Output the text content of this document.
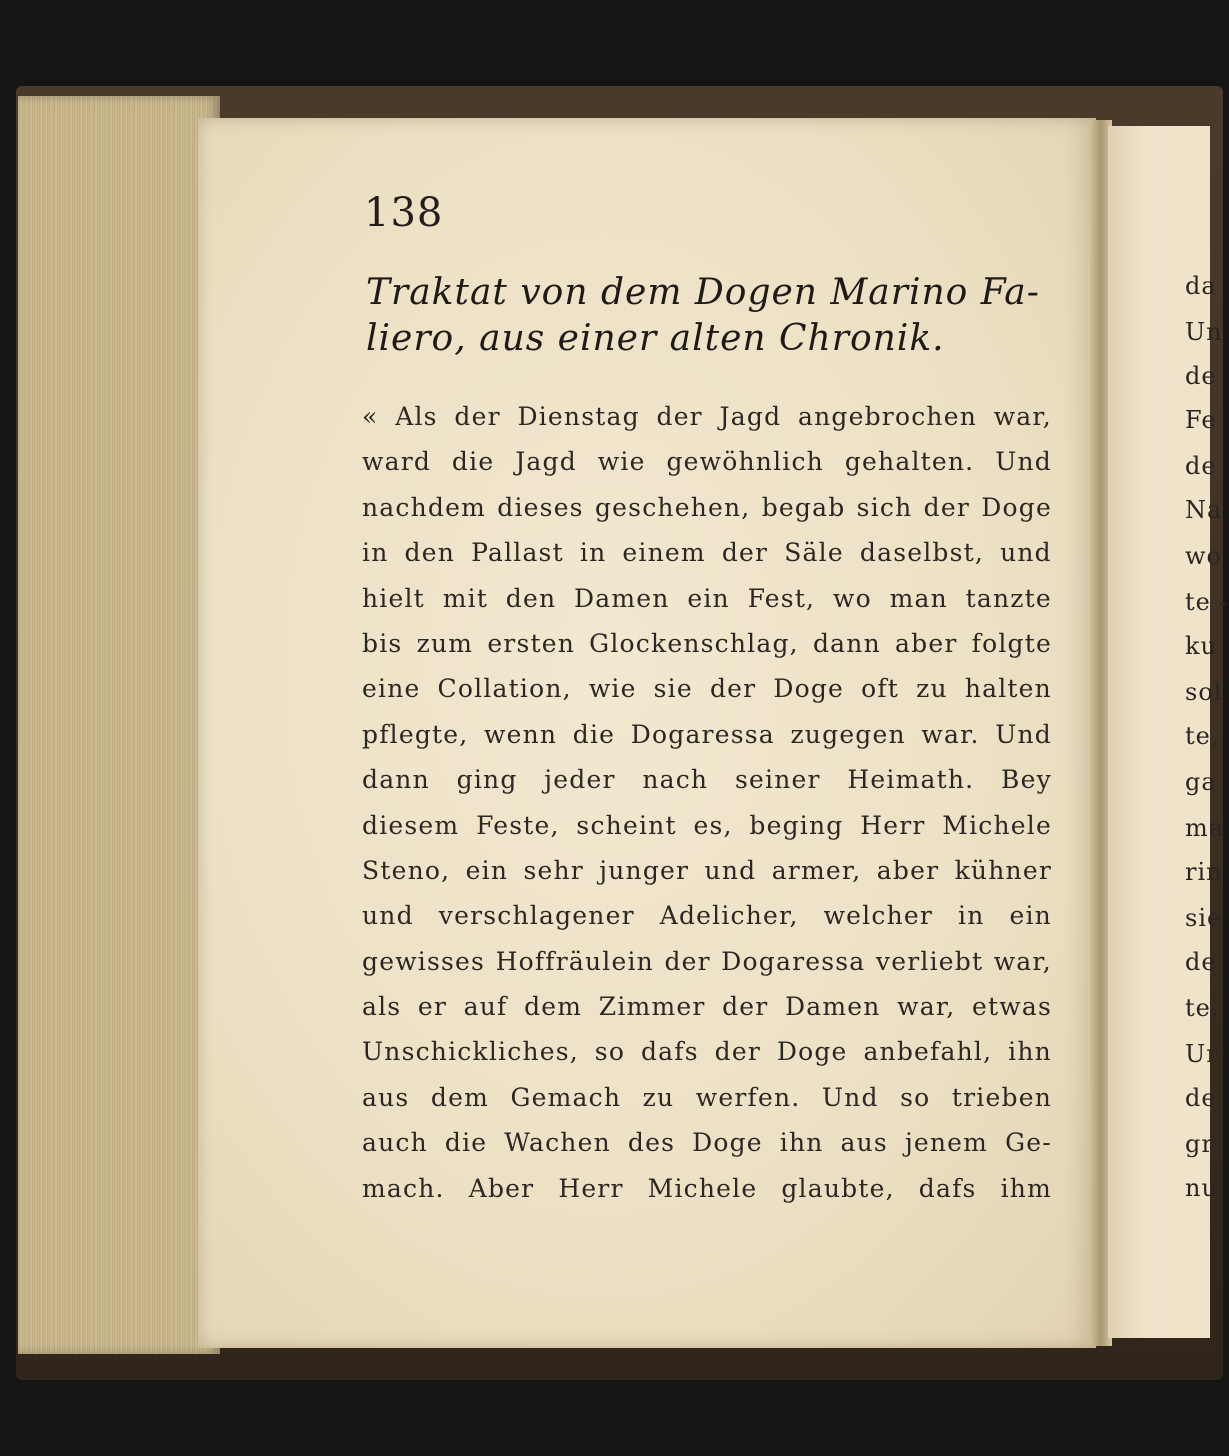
da
Un
de
Fe
de
Na
wo
te -
ku
sol
te,
ga
ma
rin
sie
de
te.
Ur
de
gr
nu
138
Traktat von dem Dogen Marino Fa-
liero, aus einer alten Chronik.
« Als der Dienstag der Jagd angebrochen war,
ward die Jagd wie gewöhnlich gehalten. Und
nachdem dieses geschehen, begab sich der Doge
in den Pallast in einem der Säle daselbst, und
hielt mit den Damen ein Fest, wo man tanzte
bis zum ersten Glockenschlag, dann aber folgte
eine Collation, wie sie der Doge oft zu halten
pflegte, wenn die Dogaressa zugegen war. Und
dann ging jeder nach seiner Heimath. Bey
diesem Feste, scheint es, beging Herr Michele
Steno, ein sehr junger und armer, aber kühner
und verschlagener Adelicher, welcher in ein
gewisses Hoffräulein der Dogaressa verliebt war,
als er auf dem Zimmer der Damen war, etwas
Unschickliches, so dafs der Doge anbefahl, ihn
aus dem Gemach zu werfen. Und so trieben
auch die Wachen des Doge ihn aus jenem Ge-
mach. Aber Herr Michele glaubte, dafs ihm
